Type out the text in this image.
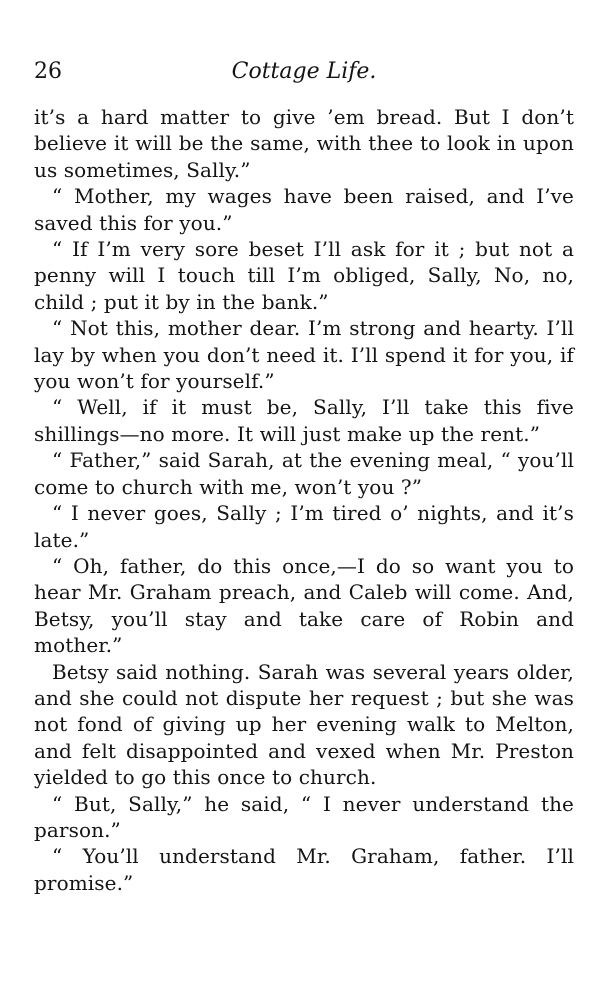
26	Cottage Life.

it’s a hard matter to give ’em bread. But I don’t believe it will be the same, with thee to look in upon us sometimes, Sally.”

“ Mother, my wages have been raised, and I’ve saved this for you.”

“ If I’m very sore beset I’ll ask for it ; but not a penny will I touch till I’m obliged, Sally, No, no, child ; put it by in the bank.”

“ Not this, mother dear. I’m strong and hearty. I’ll lay by when you don’t need it. I’ll spend it for you, if you won’t for yourself.”

“ Well, if it must be, Sally, I’ll take this five shillings—no more. It will just make up the rent.”

“ Father,” said Sarah, at the evening meal, “ you’ll come to church with me, won’t you ?”

“ I never goes, Sally ; I’m tired o’ nights, and it’s late.”

“ Oh, father, do this once,—I do so want you to hear Mr. Graham preach, and Caleb will come. And, Betsy, you’ll stay and take care of Robin and mother.”

Betsy said nothing. Sarah was several years older, and she could not dispute her request ; but she was not fond of giving up her evening walk to Melton, and felt disappointed and vexed when Mr. Preston yielded to go this once to church.

“ But, Sally,” he said, “ I never understand the parson.”

“ You’ll understand Mr. Graham, father. I’ll promise.”
